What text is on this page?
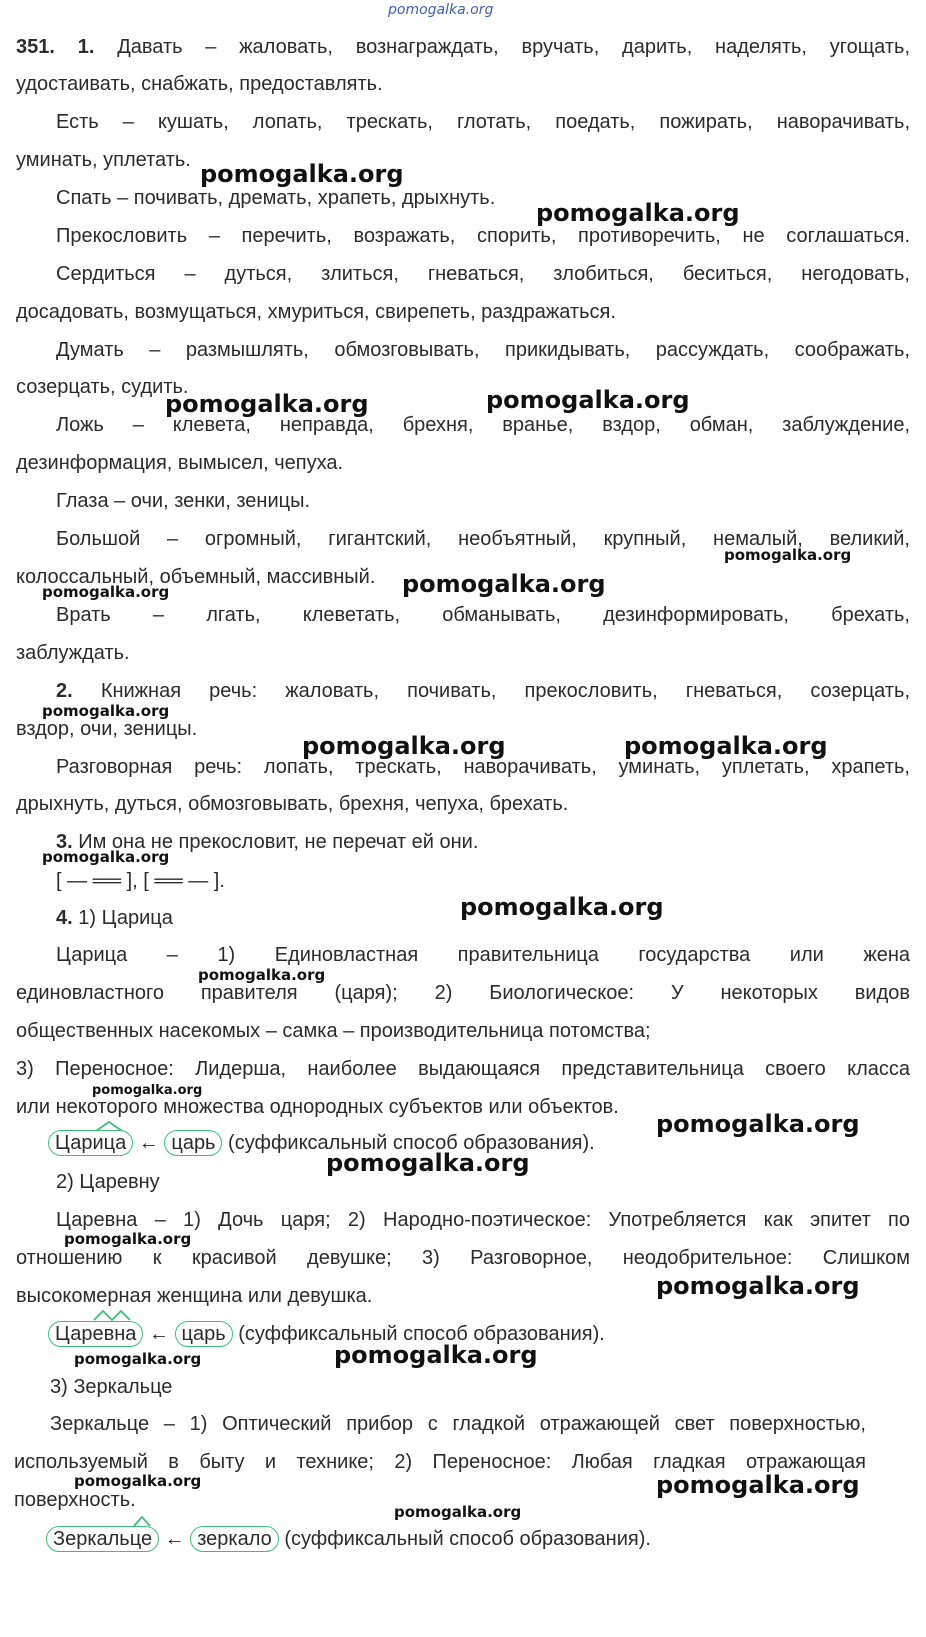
pomogalka.org
351. 1. Давать – жаловать, вознаграждать, вручать, дарить, наделять, угощать,
удостаивать, снабжать, предоставлять.
Есть – кушать, лопать, трескать, глотать, поедать, пожирать, наворачивать,
уминать, уплетать.
Спать – почивать, дремать, храпеть, дрыхнуть.
Прекословить – перечить, возражать, спорить, противоречить, не соглашаться.
Сердиться – дуться, злиться, гневаться, злобиться, беситься, негодовать,
досадовать, возмущаться, хмуриться, свирепеть, раздражаться.
Думать – размышлять, обмозговывать, прикидывать, рассуждать, соображать,
созерцать, судить.
Ложь – клевета, неправда, брехня, вранье, вздор, обман, заблуждение,
дезинформация, вымысел, чепуха.
Глаза – очи, зенки, зеницы.
Большой – огромный, гигантский, необъятный, крупный, немалый, великий,
колоссальный, объемный, массивный.
Врать – лгать, клеветать, обманывать, дезинформировать, брехать,
заблуждать.
2. Книжная речь: жаловать, почивать, прекословить, гневаться, созерцать,
вздор, очи, зеницы.
Разговорная речь: лопать, трескать, наворачивать, уминать, уплетать, храпеть,
дрыхнуть, дуться, обмозговывать, брехня, чепуха, брехать.
3. Им она не прекословит, не перечат ей они.
[ — ══ ], [ ══ — ].
4. 1) Царица
Царица – 1) Единовластная правительница государства или жена
единовластного правителя (царя); 2) Биологическое: У некоторых видов
общественных насекомых – самка – производительница потомства;
3) Переносное: Лидерша, наиболее выдающаяся представительница своего класса
или некоторого множества однородных субъектов или объектов.
Царица ← царь (суффиксальный способ образования).
2) Царевну
Царевна – 1) Дочь царя; 2) Народно-поэтическое: Употребляется как эпитет по
отношению к красивой девушке; 3) Разговорное, неодобрительное: Слишком
высокомерная женщина или девушка.
Царевна ← царь (суффиксальный способ образования).
3) Зеркальце
Зеркальце – 1) Оптический прибор с гладкой отражающей свет поверхностью,
используемый в быту и технике; 2) Переносное: Любая гладкая отражающая
поверхность.
Зеркальце ← зеркало (суффиксальный способ образования).
pomogalka.org
pomogalka.org
pomogalka.org	pomogalka.org
pomogalka.org
pomogalka.org
pomogalka.org
pomogalka.org
pomogalka.org	pomogalka.org
pomogalka.org
pomogalka.org
pomogalka.org
pomogalka.org
pomogalka.org
pomogalka.org
pomogalka.org
pomogalka.org
pomogalka.org	pomogalka.org
pomogalka.org	pomogalka.org
pomogalka.org
